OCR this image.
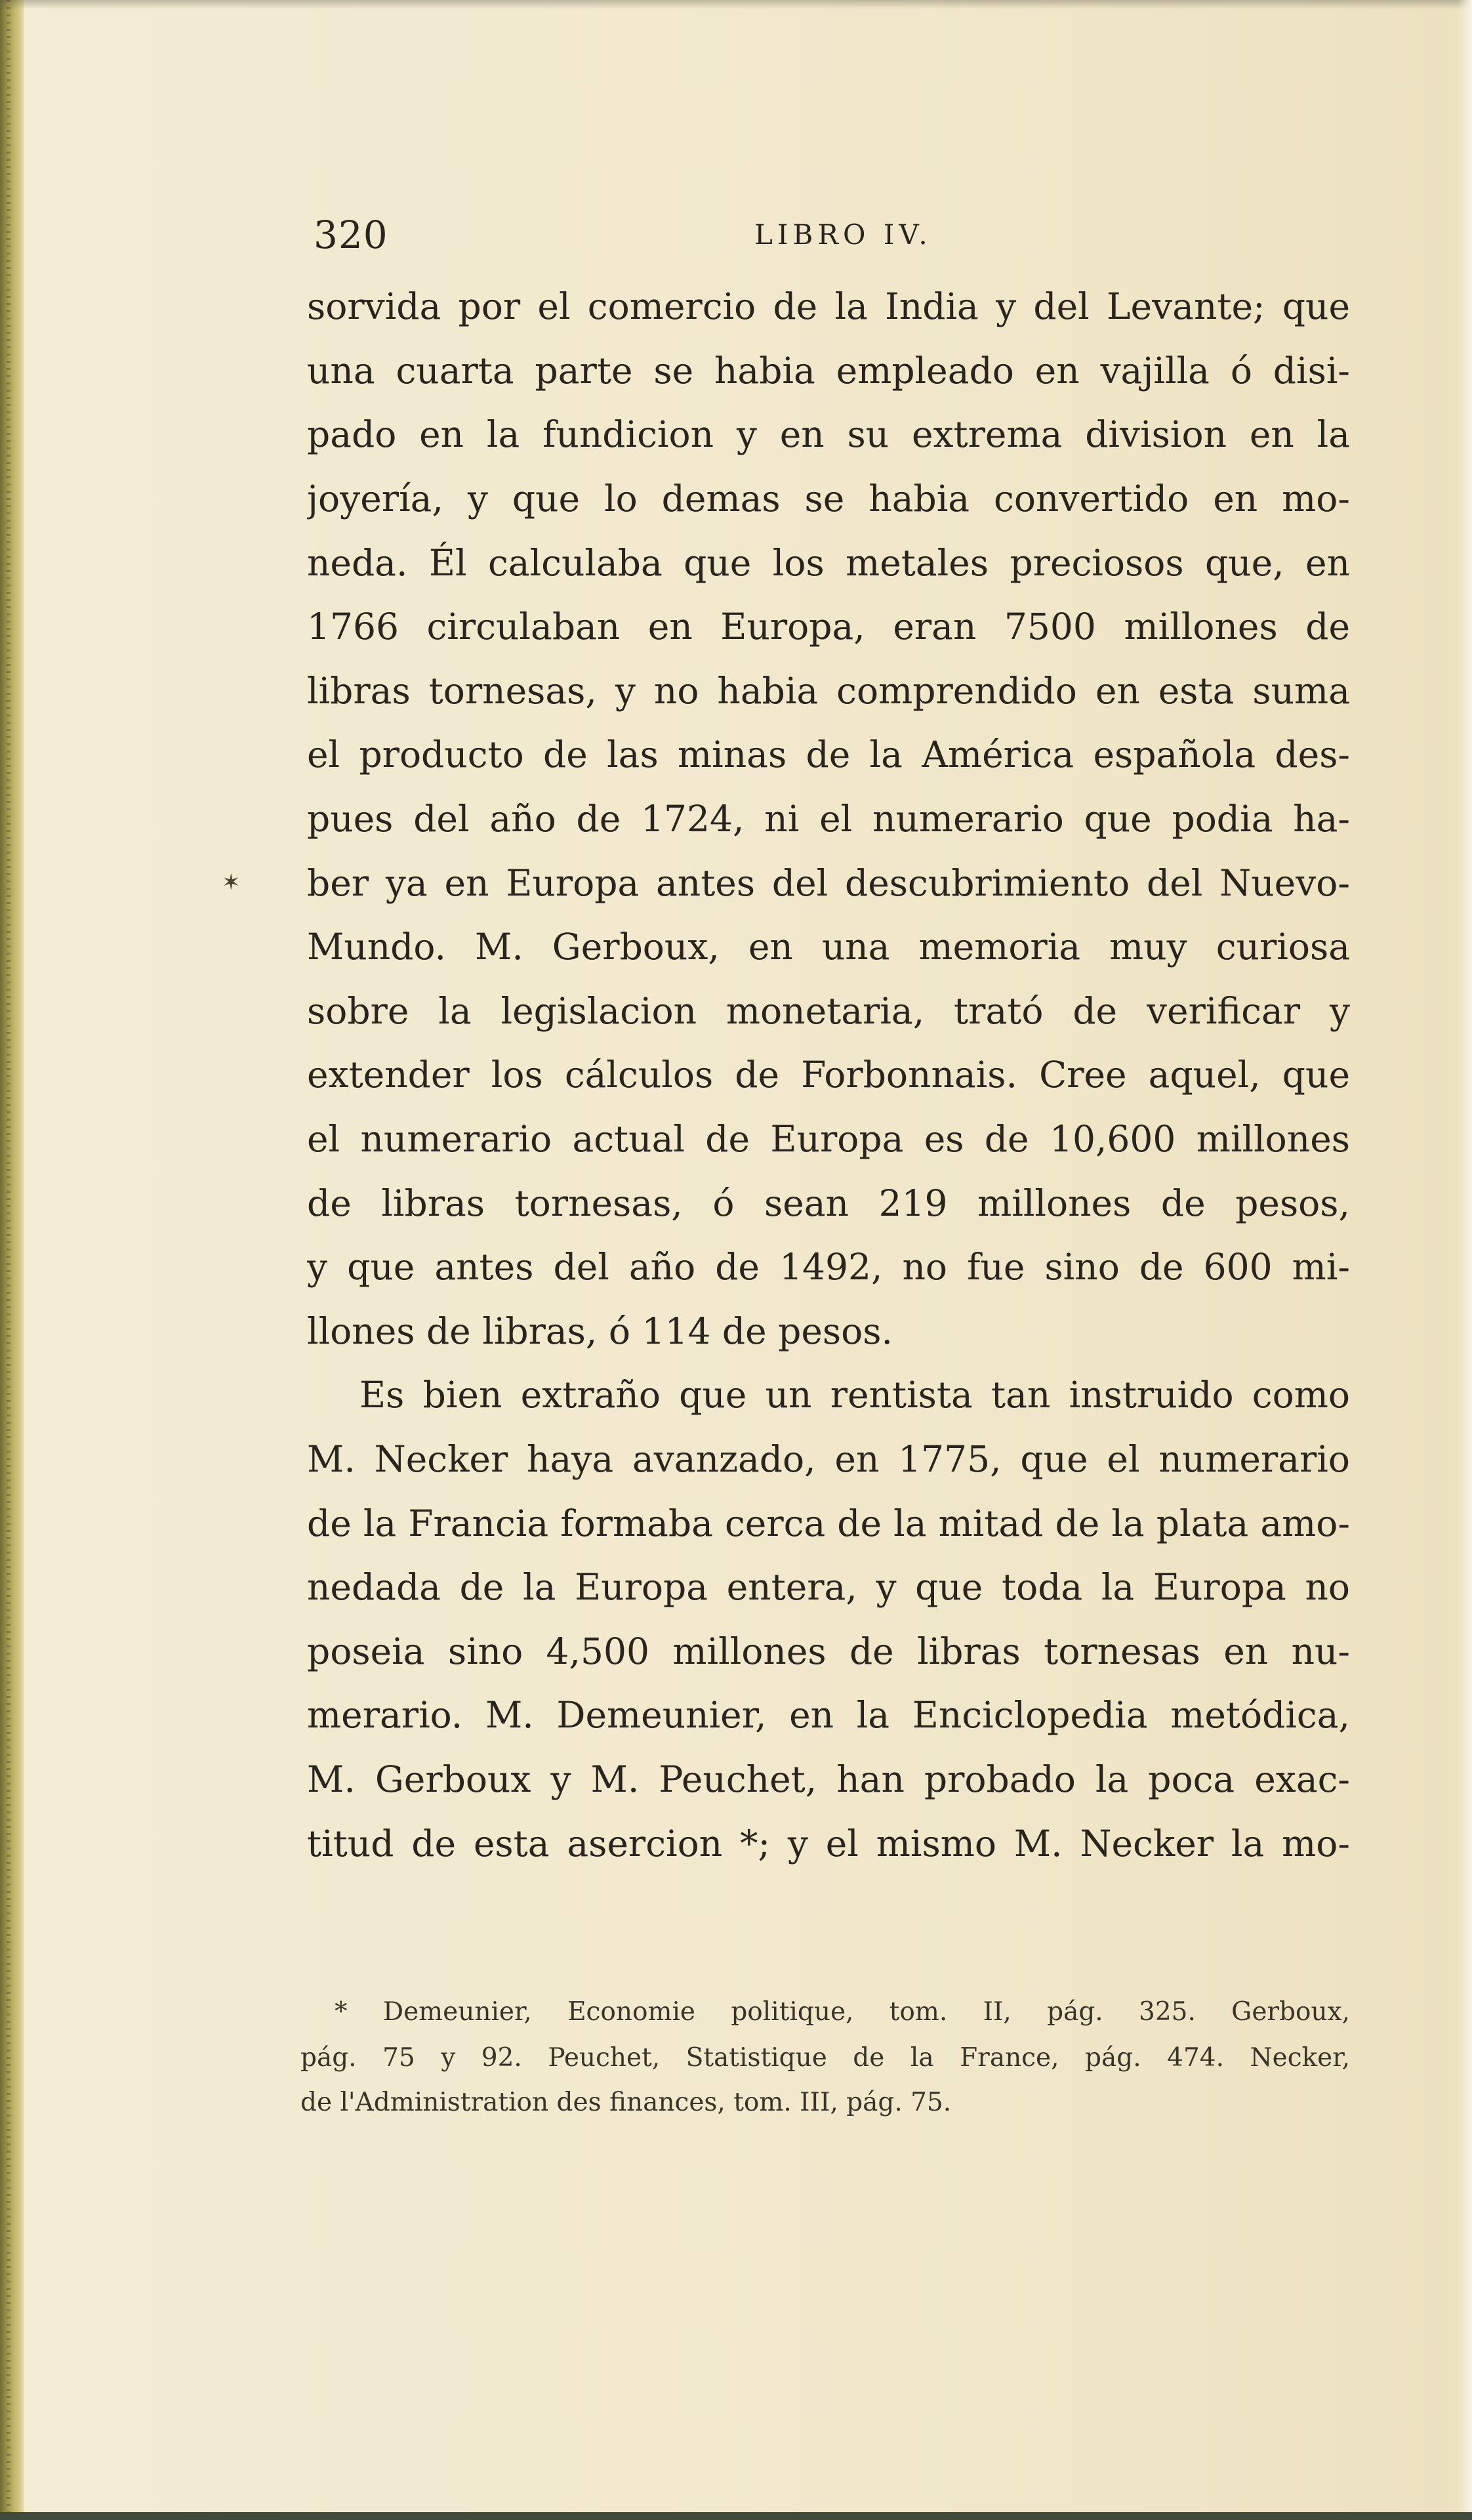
320	LIBRO IV.
✶
sorvida por el comercio de la India y del Levante; que
una cuarta parte se habia empleado en vajilla ó disi-
pado en la fundicion y en su extrema division en la
joyería, y que lo demas se habia convertido en mo-
neda. Él calculaba que los metales preciosos que, en
1766 circulaban en Europa, eran 7500 millones de
libras tornesas, y no habia comprendido en esta suma
el producto de las minas de la América española des-
pues del año de 1724, ni el numerario que podia ha-
ber ya en Europa antes del descubrimiento del Nuevo-
Mundo. M. Gerboux, en una memoria muy curiosa
sobre la legislacion monetaria, trató de verificar y
extender los cálculos de Forbonnais. Cree aquel, que
el numerario actual de Europa es de 10,600 millones
de libras tornesas, ó sean 219 millones de pesos,
y que antes del año de 1492, no fue sino de 600 mi-
llones de libras, ó 114 de pesos.
Es bien extraño que un rentista tan instruido como
M. Necker haya avanzado, en 1775, que el numerario
de la Francia formaba cerca de la mitad de la plata amo-
nedada de la Europa entera, y que toda la Europa no
poseia sino 4,500 millones de libras tornesas en nu-
merario. M. Demeunier, en la Enciclopedia metódica,
M. Gerboux y M. Peuchet, han probado la poca exac-
titud de esta asercion *; y el mismo M. Necker la mo-
* Demeunier, Economie politique, tom. II, pág. 325. Gerboux,
pág. 75 y 92. Peuchet, Statistique de la France, pág. 474. Necker,
de l'Administration des finances, tom. III, pág. 75.
